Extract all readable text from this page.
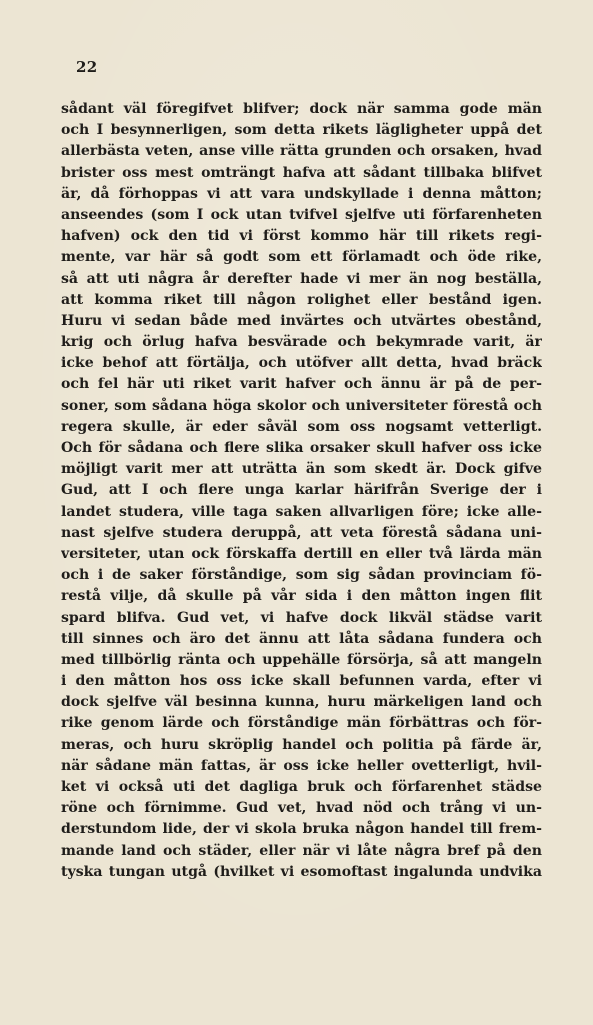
22
sådant väl föregifvet blifver; dock när samma gode män
och I besynnerligen, som detta rikets lägligheter uppå det
allerbästa veten, anse ville rätta grunden och orsaken, hvad
brister oss mest omträngt hafva att sådant tillbaka blifvet
är, då förhoppas vi att vara undskyllade i denna måtton;
anseendes (som I ock utan tvifvel sjelfve uti förfarenheten
hafven) ock den tid vi först kommo här till rikets regi-
mente, var här så godt som ett förlamadt och öde rike,
så att uti några år derefter hade vi mer än nog beställa,
att komma riket till någon rolighet eller bestånd igen.
Huru vi sedan både med invärtes och utvärtes obestånd,
krig och örlug hafva besvärade och bekymrade varit, är
icke behof att förtälja, och utöfver allt detta, hvad bräck
och fel här uti riket varit hafver och ännu är på de per-
soner, som sådana höga skolor och universiteter förestå och
regera skulle, är eder såväl som oss nogsamt vetterligt.
Och för sådana och flere slika orsaker skull hafver oss icke
möjligt varit mer att uträtta än som skedt är. Dock gifve
Gud, att I och flere unga karlar härifrån Sverige der i
landet studera, ville taga saken allvarligen före; icke alle-
nast sjelfve studera deruppå, att veta förestå sådana uni-
versiteter, utan ock förskaffa dertill en eller två lärda män
och i de saker förståndige, som sig sådan provinciam fö-
restå vilje, då skulle på vår sida i den måtton ingen flit
spard blifva. Gud vet, vi hafve dock likväl städse varit
till sinnes och äro det ännu att låta sådana fundera och
med tillbörlig ränta och uppehälle försörja, så att mangeln
i den måtton hos oss icke skall befunnen varda, efter vi
dock sjelfve väl besinna kunna, huru märkeligen land och
rike genom lärde och förståndige män förbättras och för-
meras, och huru skröplig handel och politia på färde är,
när sådane män fattas, är oss icke heller ovetterligt, hvil-
ket vi också uti det dagliga bruk och förfarenhet städse
röne och förnimme. Gud vet, hvad nöd och trång vi un-
derstundom lide, der vi skola bruka någon handel till frem-
mande land och städer, eller när vi låte några bref på den
tyska tungan utgå (hvilket vi esomoftast ingalunda undvika
